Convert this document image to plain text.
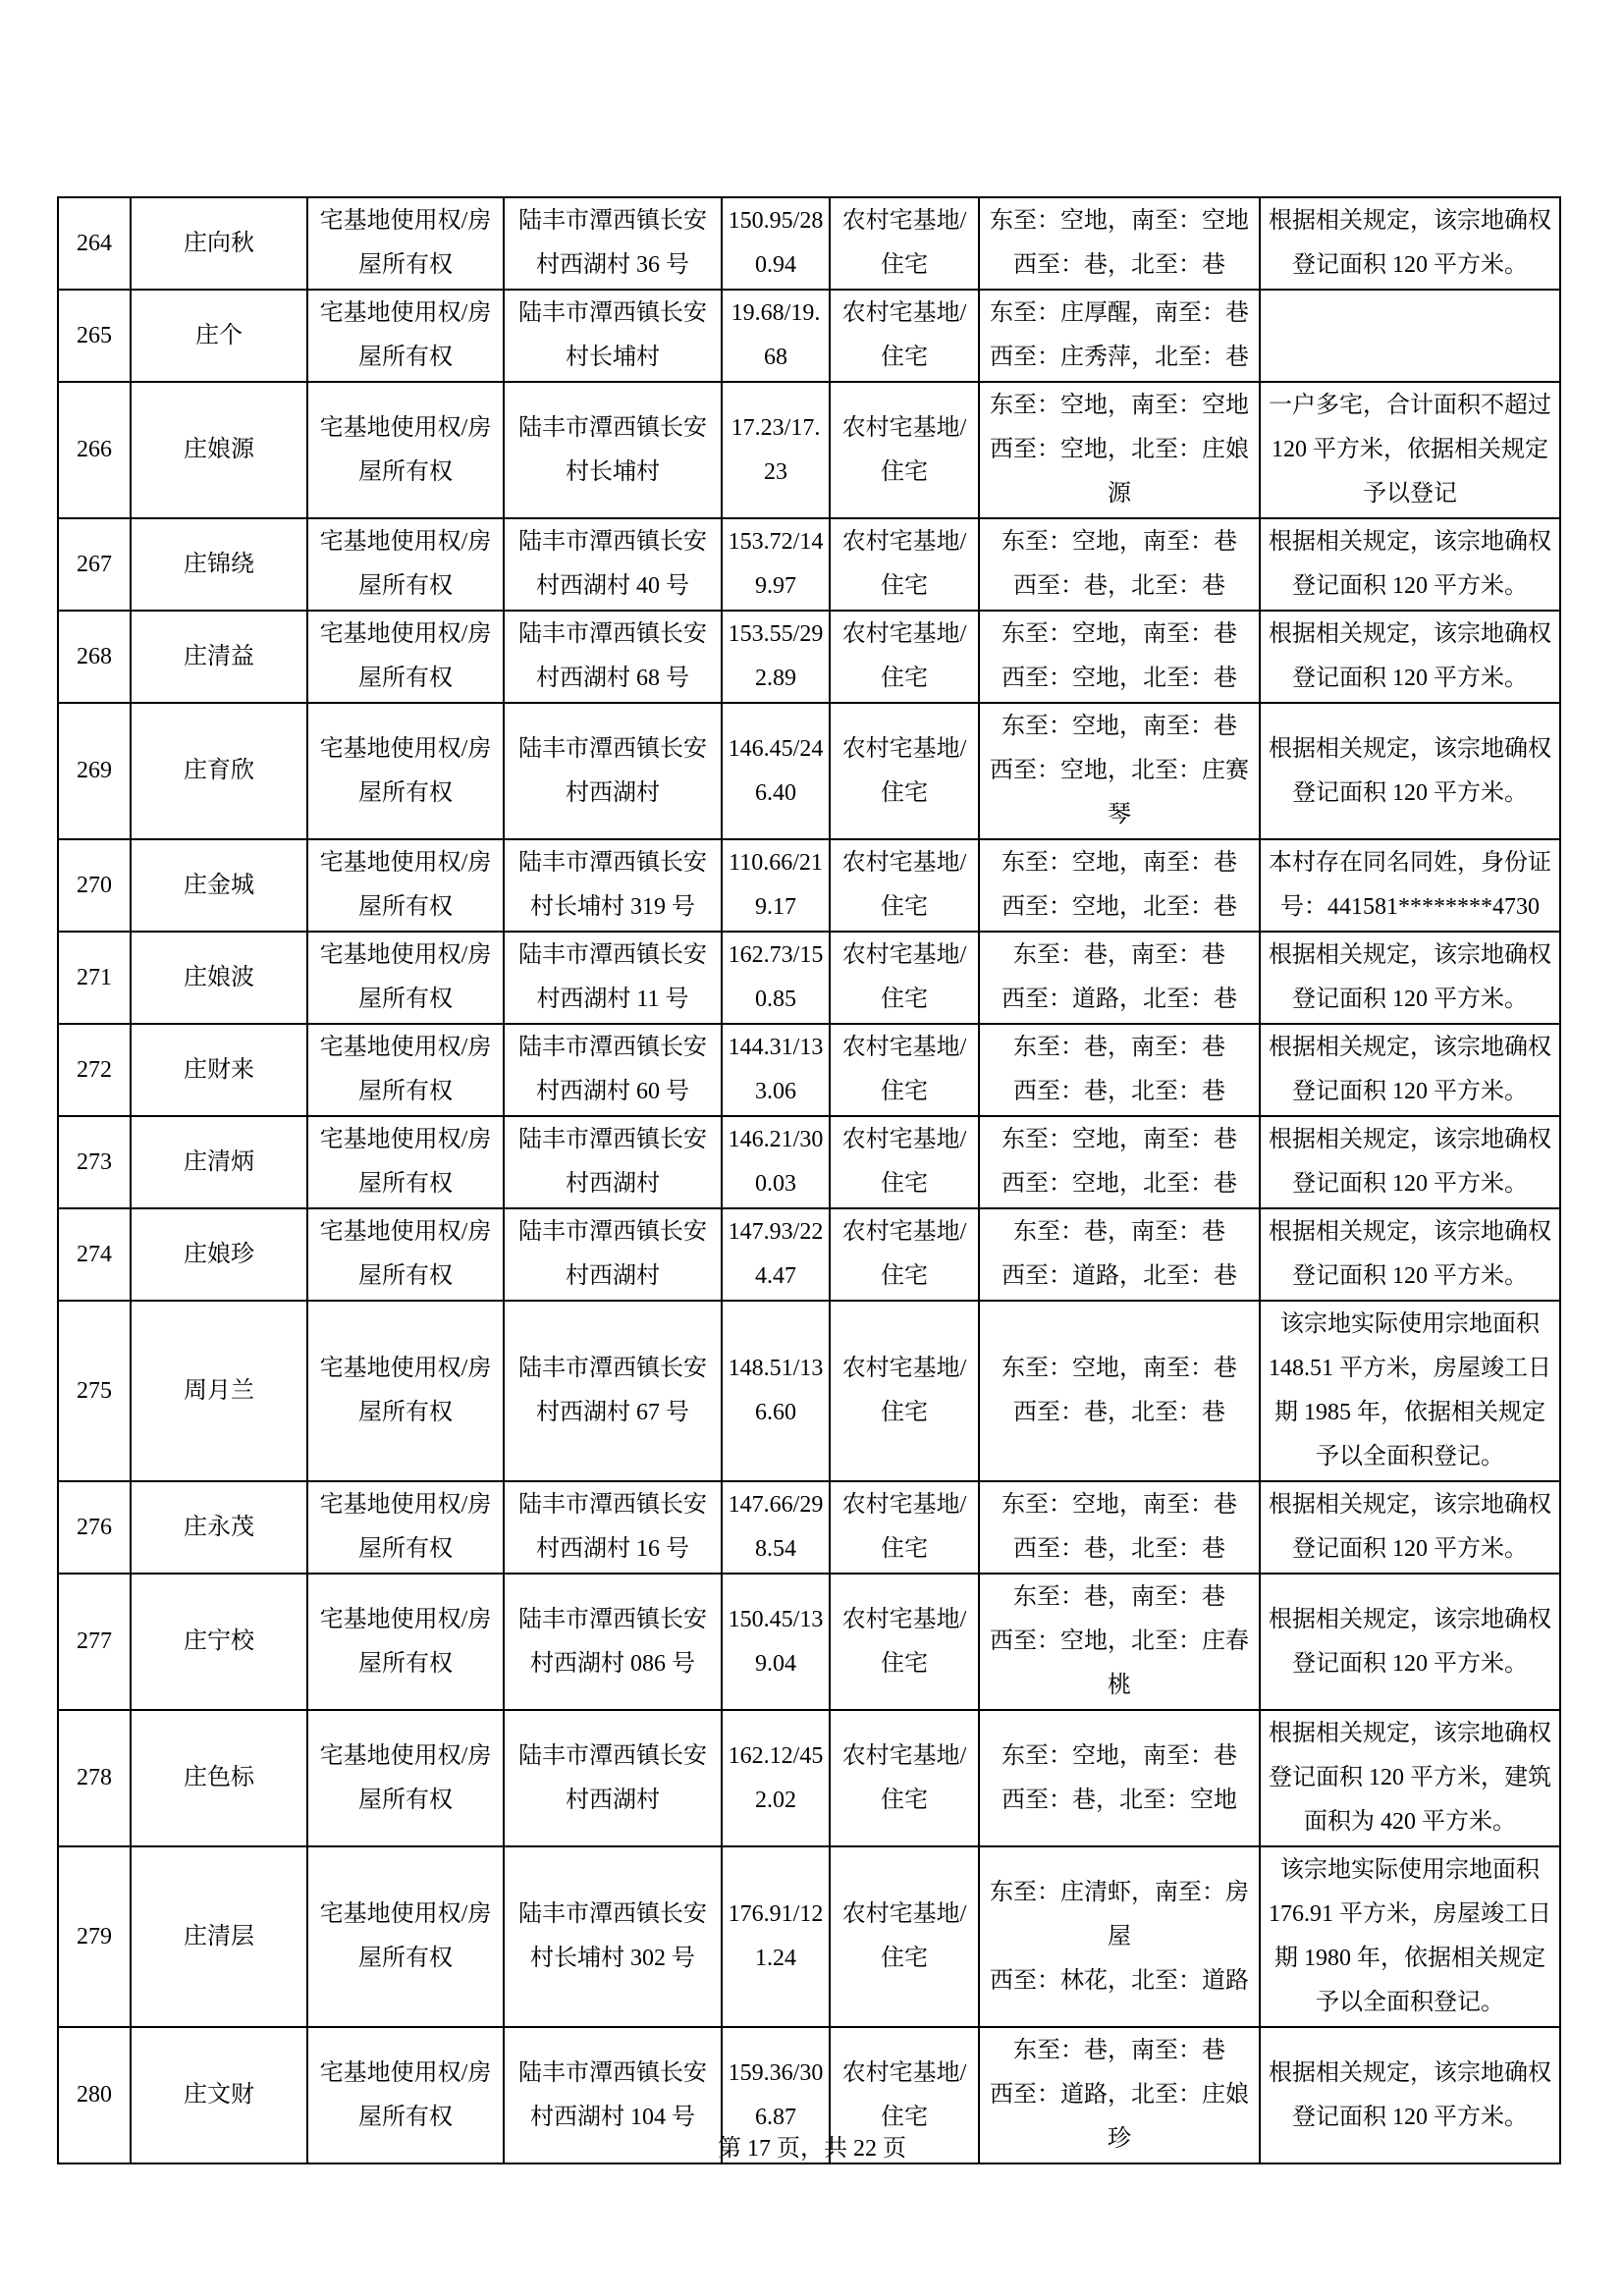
264	庄向秋	宅基地使用权/房屋所有权	陆丰市潭西镇长安村西湖村 36 号	150.95/280.94	农村宅基地/住宅	东至：空地，南至：空地
西至：巷，北至：巷	根据相关规定，该宗地确权登记面积 120 平方米。
265	庄个	宅基地使用权/房屋所有权	陆丰市潭西镇长安村长埔村	19.68/19.68	农村宅基地/住宅	东至：庄厚醒，南至：巷
西至：庄秀萍，北至：巷	
266	庄娘源	宅基地使用权/房屋所有权	陆丰市潭西镇长安村长埔村	17.23/17.23	农村宅基地/住宅	东至：空地，南至：空地
西至：空地，北至：庄娘源	一户多宅，合计面积不超过 120 平方米，依据相关规定予以登记
267	庄锦绕	宅基地使用权/房屋所有权	陆丰市潭西镇长安村西湖村 40 号	153.72/149.97	农村宅基地/住宅	东至：空地，南至：巷
西至：巷，北至：巷	根据相关规定，该宗地确权登记面积 120 平方米。
268	庄清益	宅基地使用权/房屋所有权	陆丰市潭西镇长安村西湖村 68 号	153.55/292.89	农村宅基地/住宅	东至：空地，南至：巷
西至：空地，北至：巷	根据相关规定，该宗地确权登记面积 120 平方米。
269	庄育欣	宅基地使用权/房屋所有权	陆丰市潭西镇长安村西湖村	146.45/246.40	农村宅基地/住宅	东至：空地，南至：巷
西至：空地，北至：庄赛琴	根据相关规定，该宗地确权登记面积 120 平方米。
270	庄金城	宅基地使用权/房屋所有权	陆丰市潭西镇长安村长埔村 319 号	110.66/219.17	农村宅基地/住宅	东至：空地，南至：巷
西至：空地，北至：巷	本村存在同名同姓，身份证号：441581********4730
271	庄娘波	宅基地使用权/房屋所有权	陆丰市潭西镇长安村西湖村 11 号	162.73/150.85	农村宅基地/住宅	东至：巷，南至：巷
西至：道路，北至：巷	根据相关规定，该宗地确权登记面积 120 平方米。
272	庄财来	宅基地使用权/房屋所有权	陆丰市潭西镇长安村西湖村 60 号	144.31/133.06	农村宅基地/住宅	东至：巷，南至：巷
西至：巷，北至：巷	根据相关规定，该宗地确权登记面积 120 平方米。
273	庄清炳	宅基地使用权/房屋所有权	陆丰市潭西镇长安村西湖村	146.21/300.03	农村宅基地/住宅	东至：空地，南至：巷
西至：空地，北至：巷	根据相关规定，该宗地确权登记面积 120 平方米。
274	庄娘珍	宅基地使用权/房屋所有权	陆丰市潭西镇长安村西湖村	147.93/224.47	农村宅基地/住宅	东至：巷，南至：巷
西至：道路，北至：巷	根据相关规定，该宗地确权登记面积 120 平方米。
275	周月兰	宅基地使用权/房屋所有权	陆丰市潭西镇长安村西湖村 67 号	148.51/136.60	农村宅基地/住宅	东至：空地，南至：巷
西至：巷，北至：巷	该宗地实际使用宗地面积 148.51 平方米，房屋竣工日期 1985 年，依据相关规定予以全面积登记。
276	庄永茂	宅基地使用权/房屋所有权	陆丰市潭西镇长安村西湖村 16 号	147.66/298.54	农村宅基地/住宅	东至：空地，南至：巷
西至：巷，北至：巷	根据相关规定，该宗地确权登记面积 120 平方米。
277	庄宁校	宅基地使用权/房屋所有权	陆丰市潭西镇长安村西湖村 086 号	150.45/139.04	农村宅基地/住宅	东至：巷，南至：巷
西至：空地，北至：庄春桃	根据相关规定，该宗地确权登记面积 120 平方米。
278	庄色标	宅基地使用权/房屋所有权	陆丰市潭西镇长安村西湖村	162.12/452.02	农村宅基地/住宅	东至：空地，南至：巷
西至：巷，北至：空地	根据相关规定，该宗地确权登记面积 120 平方米，建筑面积为 420 平方米。
279	庄清层	宅基地使用权/房屋所有权	陆丰市潭西镇长安村长埔村 302 号	176.91/121.24	农村宅基地/住宅	东至：庄清虾，南至：房屋
西至：林花，北至：道路	该宗地实际使用宗地面积 176.91 平方米，房屋竣工日期 1980 年，依据相关规定予以全面积登记。
280	庄文财	宅基地使用权/房屋所有权	陆丰市潭西镇长安村西湖村 104 号	159.36/306.87	农村宅基地/住宅	东至：巷，南至：巷
西至：道路，北至：庄娘珍	根据相关规定，该宗地确权登记面积 120 平方米。
第 17 页，共 22 页
